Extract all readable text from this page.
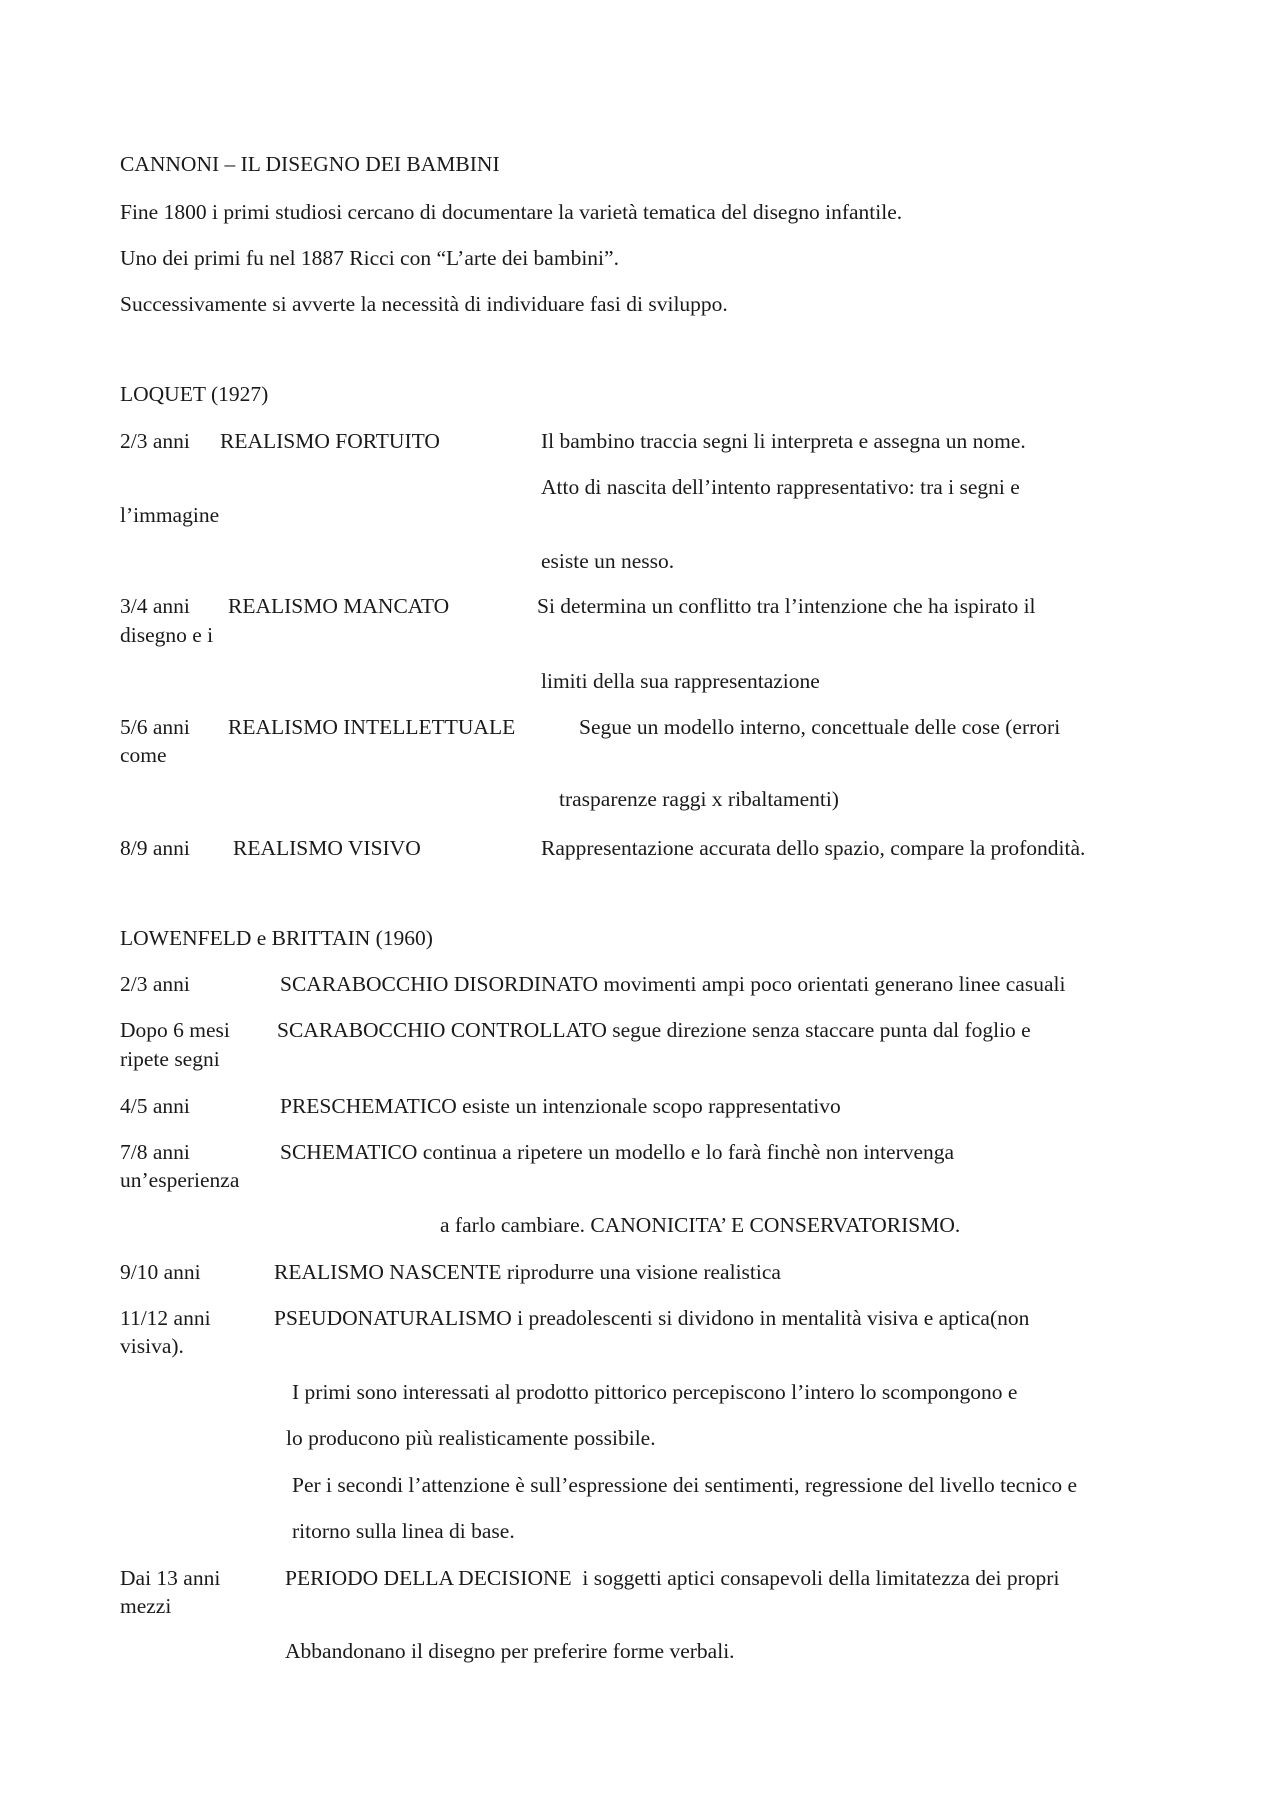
CANNONI – IL DISEGNO DEI BAMBINI
Fine 1800 i primi studiosi cercano di documentare la varietà tematica del disegno infantile.
Uno dei primi fu nel 1887 Ricci con “L’arte dei bambini”.
Successivamente si avverte la necessità di individuare fasi di sviluppo.
LOQUET (1927)
2/3 anni REALISMO FORTUITO	Il bambino traccia segni li interpreta e assegna un nome.
Atto di nascita dell’intento rappresentativo: tra i segni e
l’immagine
esiste un nesso.
3/4 anni REALISMO MANCATO	Si determina un conflitto tra l’intenzione che ha ispirato il
disegno e i
limiti della sua rappresentazione
5/6 anni REALISMO INTELLETTUALE	Segue un modello interno, concettuale delle cose (errori
come
trasparenze raggi x ribaltamenti)
8/9 anni REALISMO VISIVO	Rappresentazione accurata dello spazio, compare la profondità.
LOWENFELD e BRITTAIN (1960)
2/3 anni	SCARABOCCHIO DISORDINATO movimenti ampi poco orientati generano linee casuali
Dopo 6 mesi SCARABOCCHIO CONTROLLATO segue direzione senza staccare punta dal foglio e
ripete segni
4/5 anni	PRESCHEMATICO esiste un intenzionale scopo rappresentativo
7/8 anni	SCHEMATICO continua a ripetere un modello e lo farà finchè non intervenga
un’esperienza
a farlo cambiare. CANONICITA’ E CONSERVATORISMO.
9/10 anni	REALISMO NASCENTE riprodurre una visione realistica
11/12 anni	PSEUDONATURALISMO i preadolescenti si dividono in mentalità visiva e aptica(non
visiva).
I primi sono interessati al prodotto pittorico percepiscono l’intero lo scompongono e
lo producono più realisticamente possibile.
Per i secondi l’attenzione è sull’espressione dei sentimenti, regressione del livello tecnico e
ritorno sulla linea di base.
Dai 13 anni	PERIODO DELLA DECISIONE  i soggetti aptici consapevoli della limitatezza dei propri
mezzi
Abbandonano il disegno per preferire forme verbali.
